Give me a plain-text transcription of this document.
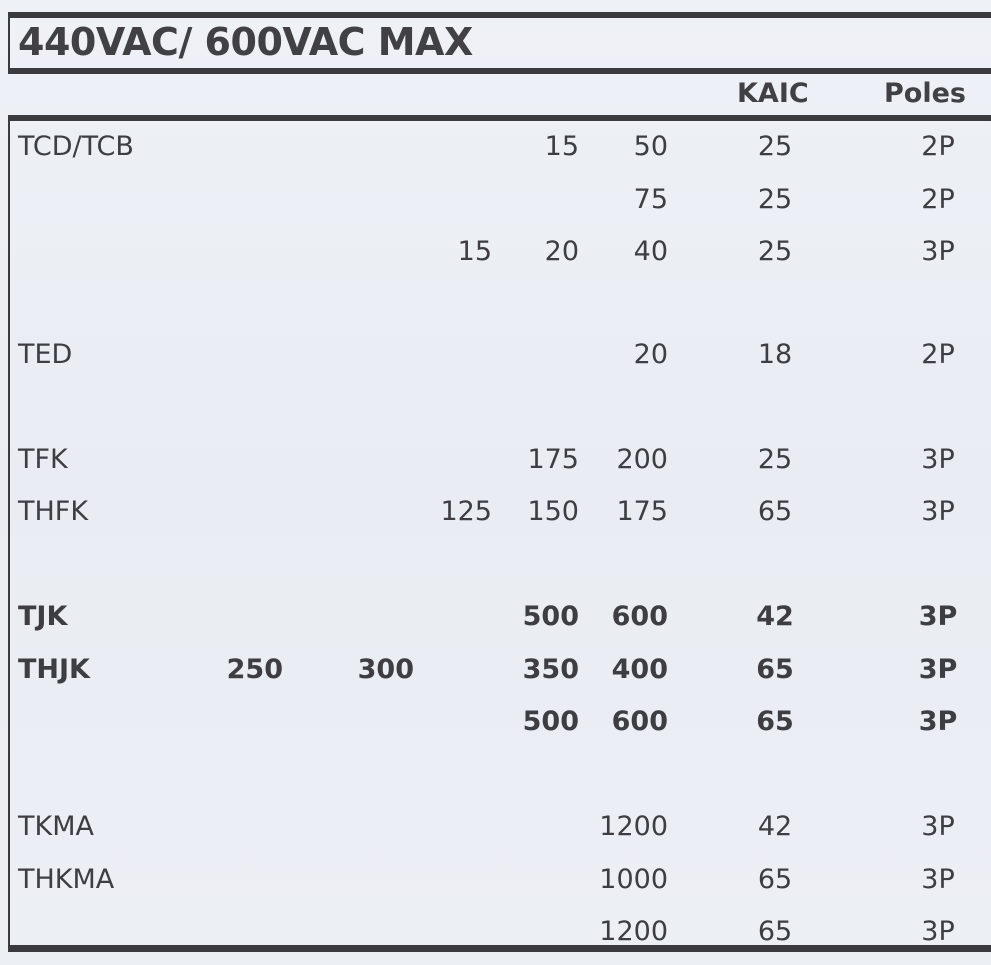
440VAC/ 600VAC MAX
KAIC	Poles
TCD/TCB	15 50	25	2P
75	25	2P
15 20 40	25	3P
TED	20	18	2P
TFK	175 200	25	3P
THFK	125 150 175	65	3P
TJK	500 600	42	3P
THJK	250	300	350 400	65	3P
500 600	65	3P
TKMA	1200	42	3P
THKMA	1000	65	3P
1200	65	3P
